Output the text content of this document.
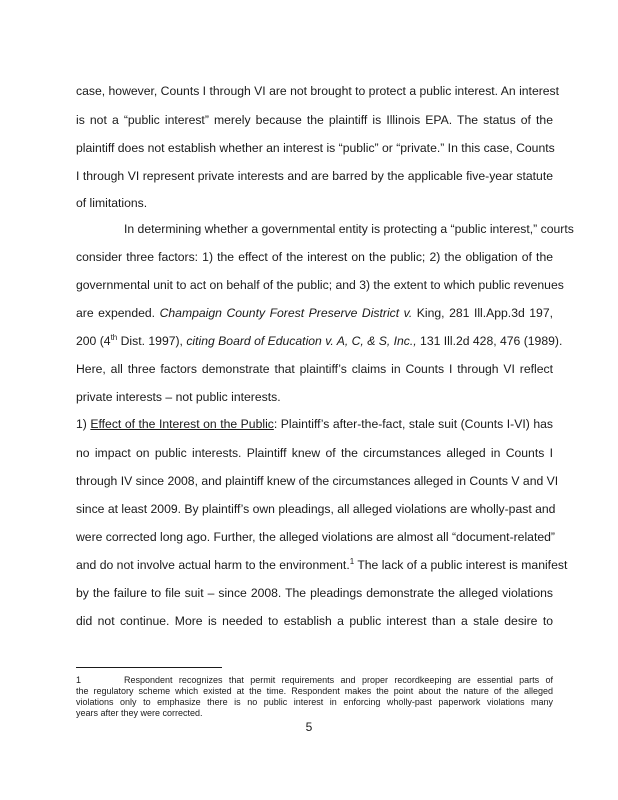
case, however, Counts I through VI are not brought to protect a public interest. An interest
is not a “public interest” merely because the plaintiff is Illinois EPA. The status of the
plaintiff does not establish whether an interest is “public” or “private.” In this case, Counts
I through VI represent private interests and are barred by the applicable five-year statute
of limitations.
In determining whether a governmental entity is protecting a “public interest,” courts
consider three factors: 1) the effect of the interest on the public; 2) the obligation of the
governmental unit to act on behalf of the public; and 3) the extent to which public revenues
are expended. Champaign County Forest Preserve District v. King, 281 Ill.App.3d 197,
200 (4th Dist. 1997), citing Board of Education v. A, C, & S, Inc., 131 Ill.2d 428, 476 (1989).
Here, all three factors demonstrate that plaintiff’s claims in Counts I through VI reflect
private interests – not public interests.
1) Effect of the Interest on the Public: Plaintiff’s after-the-fact, stale suit (Counts I-VI) has
no impact on public interests. Plaintiff knew of the circumstances alleged in Counts I
through IV since 2008, and plaintiff knew of the circumstances alleged in Counts V and VI
since at least 2009. By plaintiff’s own pleadings, all alleged violations are wholly-past and
were corrected long ago. Further, the alleged violations are almost all “document-related”
and do not involve actual harm to the environment.$^1$ The lack of a public interest is manifest
by the failure to file suit – since 2008. The pleadings demonstrate the alleged violations
did not continue. More is needed to establish a public interest than a stale desire to
1	Respondent recognizes that permit requirements and proper recordkeeping are essential parts of
the regulatory scheme which existed at the time. Respondent makes the point about the nature of the alleged
violations only to emphasize there is no public interest in enforcing wholly-past paperwork violations many
years after they were corrected.
5
